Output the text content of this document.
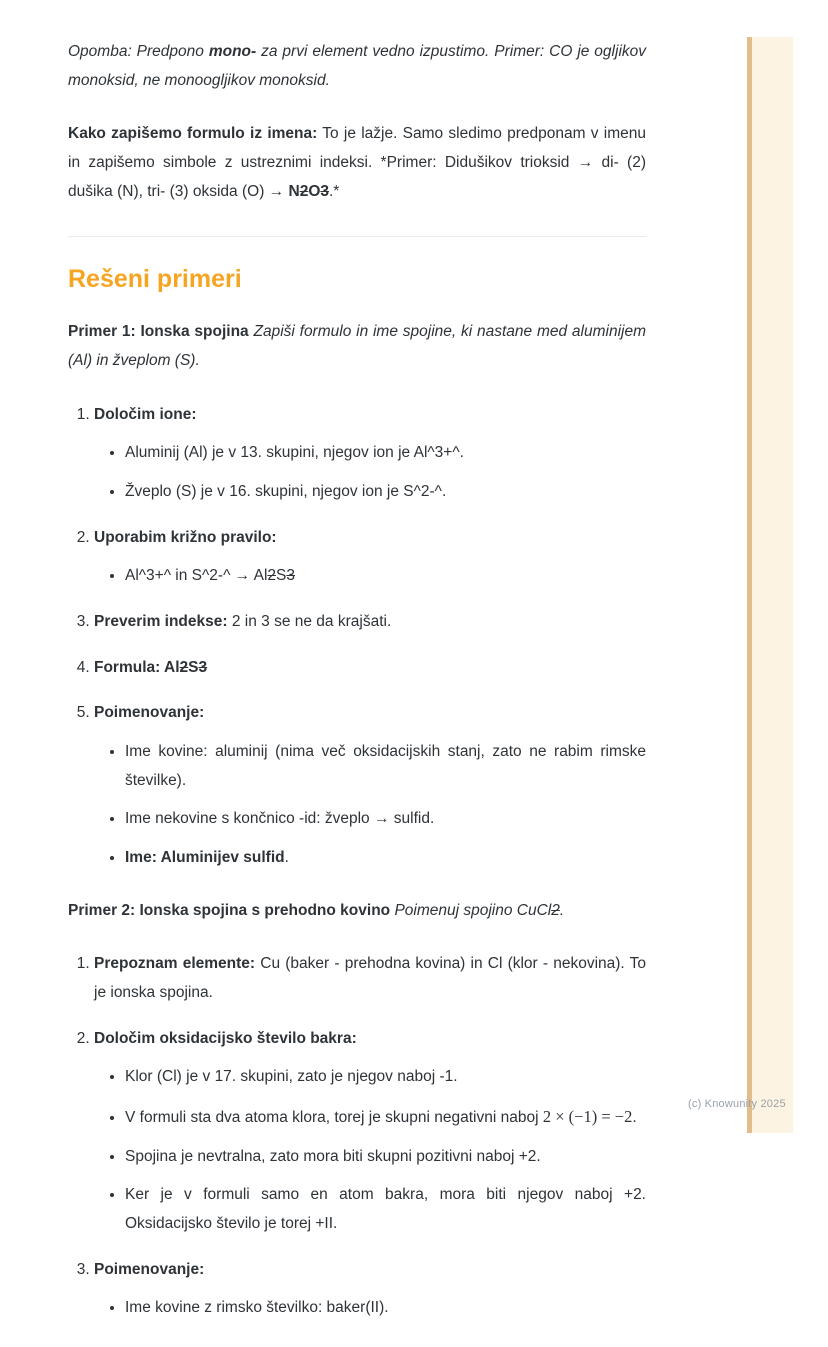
Opomba: Predpono mono- za prvi element vedno izpustimo. Primer: CO je ogljikov monoksid, ne monoogljikov monoksid.

Kako zapišemo formulo iz imena: To je lažje. Samo sledimo predponam v imenu in zapišemo simbole z ustreznimi indeksi. *Primer: Didušikov trioksid → di- (2) dušika (N), tri- (3) oksida (O) → N2O3.*

Rešeni primeri

Primer 1: Ionska spojina Zapiši formulo in ime spojine, ki nastane med aluminijem (Al) in žveplom (S).

1. Določim ione:
• Aluminij (Al) je v 13. skupini, njegov ion je Al^3+^.
• Žveplo (S) je v 16. skupini, njegov ion je S^2-^.
2. Uporabim križno pravilo:
• Al^3+^ in S^2-^ → Al2S3
3. Preverim indekse: 2 in 3 se ne da krajšati.
4. Formula: Al2S3
5. Poimenovanje:
• Ime kovine: aluminij (nima več oksidacijskih stanj, zato ne rabim rimske številke).
• Ime nekovine s končnico -id: žveplo → sulfid.
• Ime: Aluminijev sulfid.

Primer 2: Ionska spojina s prehodno kovino Poimenuj spojino CuCl2.

1. Prepoznam elemente: Cu (baker - prehodna kovina) in Cl (klor - nekovina). To je ionska spojina.
2. Določim oksidacijsko število bakra:
• Klor (Cl) je v 17. skupini, zato je njegov naboj -1.
• V formuli sta dva atoma klora, torej je skupni negativni naboj 2 × (−1) = −2.
• Spojina je nevtralna, zato mora biti skupni pozitivni naboj +2.
• Ker je v formuli samo en atom bakra, mora biti njegov naboj +2. Oksidacijsko število je torej +II.
3. Poimenovanje:
• Ime kovine z rimsko številko: baker(II).
(c) Knowunity 2025
